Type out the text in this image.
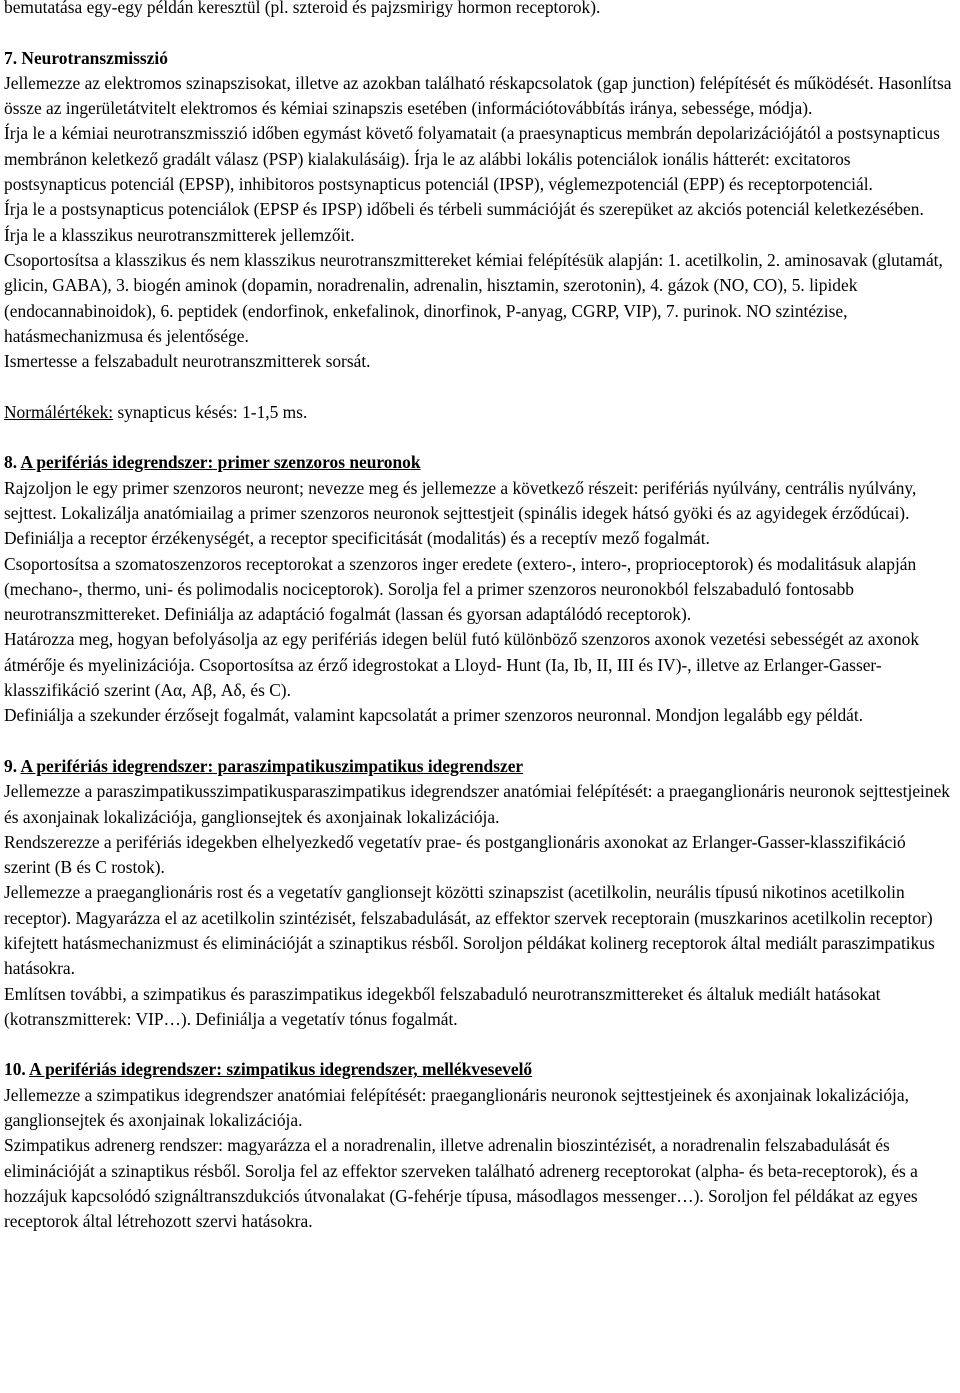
bemutatása egy-egy példán keresztül (pl. szteroid és pajzsmirigy hormon receptorok).

7. Neurotranszmisszió

Jellemezze az elektromos szinapszisokat, illetve az azokban található réskapcsolatok (gap junction) felépítését és működését. Hasonlítsa össze az ingerületátvitelt elektromos és kémiai szinapszis esetében (információtovábbítás iránya, sebessége, módja).

Írja le a kémiai neurotranszmisszió időben egymást követő folyamatait (a praesynapticus membrán depolarizációjától a postsynapticus membránon keletkező gradált válasz (PSP) kialakulásáig). Írja le az alábbi lokális potenciálok ionális hátterét: excitatoros postsynapticus potenciál (EPSP), inhibitoros postsynapticus potenciál (IPSP), véglemezpotenciál (EPP) és receptorpotenciál.

Írja le a postsynapticus potenciálok (EPSP és IPSP) időbeli és térbeli summációját és szerepüket az akciós potenciál keletkezésében.

Írja le a klasszikus neurotranszmitterek jellemzőit.

Csoportosítsa a klasszikus és nem klasszikus neurotranszmittereket kémiai felépítésük alapján: 1. acetilkolin, 2. aminosavak (glutamát, glicin, GABA), 3. biogén aminok (dopamin, noradrenalin, adrenalin, hisztamin, szerotonin), 4. gázok (NO, CO), 5. lipidek (endocannabinoidok), 6. peptidek (endorfinok, enkefalinok, dinorfinok, P-anyag, CGRP, VIP), 7. purinok. NO szintézise, hatásmechanizmusa és jelentősége.

Ismertesse a felszabadult neurotranszmitterek sorsát.

Normálértékek: synapticus késés: 1-1,5 ms.

8. A perifériás idegrendszer: primer szenzoros neuronok

Rajzoljon le egy primer szenzoros neuront; nevezze meg és jellemezze a következő részeit: perifériás nyúlvány, centrális nyúlvány, sejttest. Lokalizálja anatómiailag a primer szenzoros neuronok sejttestjeit (spinális idegek hátsó gyöki és az agyidegek érződúcai).

Definiálja a receptor érzékenységét, a receptor specificitását (modalitás) és a receptív mező fogalmát.

Csoportosítsa a szomatoszenzoros receptorokat a szenzoros inger eredete (extero-, intero-, proprioceptorok) és modalitásuk alapján (mechano-, thermo, uni- és polimodalis nociceptorok). Sorolja fel a primer szenzoros neuronokból felszabaduló fontosabb neurotranszmittereket. Definiálja az adaptáció fogalmát (lassan és gyorsan adaptálódó receptorok).

Határozza meg, hogyan befolyásolja az egy perifériás idegen belül futó különböző szenzoros axonok vezetési sebességét az axonok átmérője és myelinizációja. Csoportosítsa az érző idegrostokat a Lloyd- Hunt (Ia, Ib, II, III és IV)-, illetve az Erlanger-Gasser-klasszifikáció szerint (Aα, Aβ, Aδ, és C).

Definiálja a szekunder érzősejt fogalmát, valamint kapcsolatát a primer szenzoros neuronnal. Mondjon legalább egy példát.

9. A perifériás idegrendszer: paraszimpatikuszimpatikus idegrendszer

Jellemezze a paraszimpatikusszimpatikusparaszimpatikus idegrendszer anatómiai felépítését: a praeganglionáris neuronok sejttestjeinek és axonjainak lokalizációja, ganglionsejtek és axonjainak lokalizációja.

Rendszerezze a perifériás idegekben elhelyezkedő vegetatív prae- és postganglionáris axonokat az Erlanger-Gasser-klasszifikáció szerint (B és C rostok).

Jellemezze a praeganglionáris rost és a vegetatív ganglionsejt közötti szinapszist (acetilkolin, neurális típusú nikotinos acetilkolin receptor). Magyarázza el az acetilkolin szintézisét, felszabadulását, az effektor szervek receptorain (muszkarinos acetilkolin receptor) kifejtett hatásmechanizmust és eliminációját a szinaptikus résből. Soroljon példákat kolinerg receptorok által mediált paraszimpatikus hatásokra.

Említsen további, a szimpatikus és paraszimpatikus idegekből felszabaduló neurotranszmittereket és általuk mediált hatásokat (kotranszmitterek: VIP…). Definiálja a vegetatív tónus fogalmát.

10. A perifériás idegrendszer: szimpatikus idegrendszer, mellékvesevelő

Jellemezze a szimpatikus idegrendszer anatómiai felépítését: praeganglionáris neuronok sejttestjeinek és axonjainak lokalizációja, ganglionsejtek és axonjainak lokalizációja.

Szimpatikus adrenerg rendszer: magyarázza el a noradrenalin, illetve adrenalin bioszintézisét, a noradrenalin felszabadulását és eliminációját a szinaptikus résből. Sorolja fel az effektor szerveken található adrenerg receptorokat (alpha- és beta-receptorok), és a hozzájuk kapcsolódó szignáltranszdukciós útvonalakat (G-fehérje típusa, másodlagos messenger…). Soroljon fel példákat az egyes receptorok által létrehozott szervi hatásokra.
